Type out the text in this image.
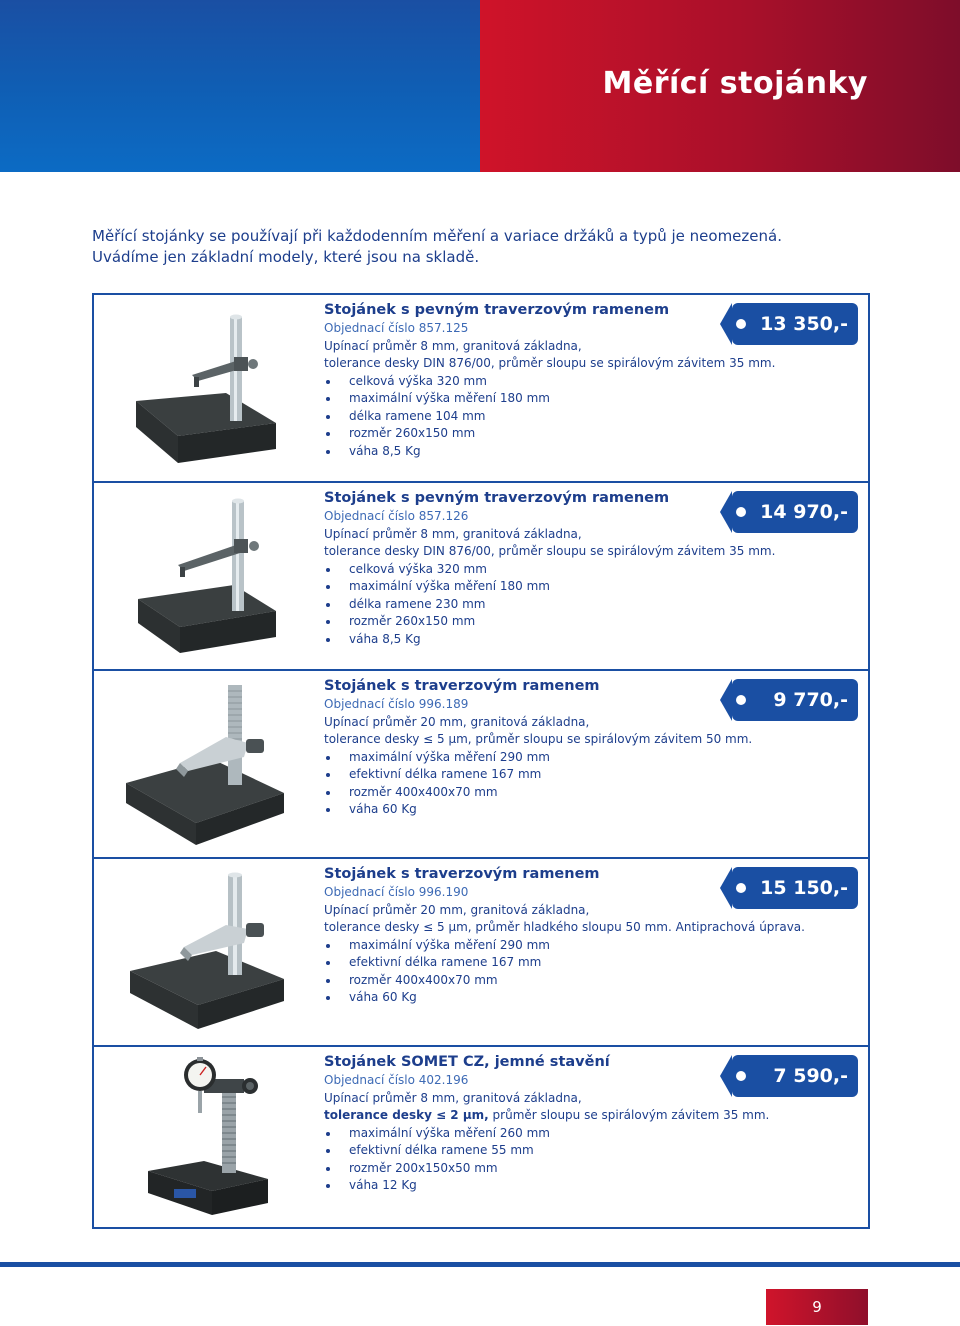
Měřící stojánky
Měřící stojánky se používají při každodenním měření a variace držáků a typů je neomezená.
Uvádíme jen základní modely, které jsou na skladě.
Stojánek s pevným traverzovým ramenem
Objednací číslo 857.125
Upínací průměr 8 mm, granitová základna,
tolerance desky DIN 876/00, průměr sloupu se spirálovým závitem 35 mm.
celková výška 320 mm
maximální výška měření 180 mm
délka ramene 104 mm
rozměr 260x150 mm
váha 8,5 Kg
13 350,-
Stojánek s pevným traverzovým ramenem
Objednací číslo 857.126
Upínací průměr 8 mm, granitová základna,
tolerance desky DIN 876/00, průměr sloupu se spirálovým závitem 35 mm.
celková výška 320 mm
maximální výška měření 180 mm
délka ramene 230 mm
rozměr 260x150 mm
váha 8,5 Kg
14 970,-
Stojánek s traverzovým ramenem
Objednací číslo 996.189
Upínací průměr 20 mm, granitová základna,
tolerance desky ≤ 5 µm, průměr sloupu se spirálovým závitem 50 mm.
maximální výška měření 290 mm
efektivní délka ramene 167 mm
rozměr 400x400x70 mm
váha 60 Kg
9 770,-
Stojánek s traverzovým ramenem
Objednací číslo 996.190
Upínací průměr 20 mm, granitová základna,
tolerance desky ≤ 5 µm, průměr hladkého sloupu 50 mm. Antiprachová úprava.
maximální výška měření 290 mm
efektivní délka ramene 167 mm
rozměr 400x400x70 mm
váha 60 Kg
15 150,-
Stojánek SOMET CZ, jemné stavění
Objednací číslo 402.196
Upínací průměr 8 mm, granitová základna,
tolerance desky ≤ 2 µm, průměr sloupu se spirálovým závitem 35 mm.
maximální výška měření 260 mm
efektivní délka ramene 55 mm
rozměr 200x150x50 mm
váha 12 Kg
7 590,-
9
